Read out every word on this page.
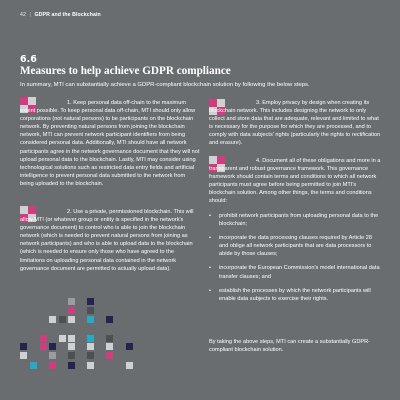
42 | GDPR and the Blockchain
6.6
Measures to help achieve GDPR compliance
In summary, MTI can substantially achieve a GDPR-compliant blockchain solution by following the below steps.

1. Keep personal data off-chain to the maximum extent possible. To keep personal data off-chain, MTI should only allow corporations (not natural persons) to be participants on the blockchain network. By preventing natural persons from joining the blockchain network, MTI can prevent network participant identifiers from being considered personal data. Additionally, MTI should have all network participants agree in the network governance document that they will not upload personal data to the blockchain. Lastly, MTI may consider using technological solutions such as restricted data entry fields and artificial intelligence to prevent personal data submitted to the network from being uploaded to the blockchain.

2. Use a private, permissioned blockchain. This will allow MTI (or whatever group or entity is specified in the network's governance document) to control who is able to join the blockchain network (which is needed to prevent natural persons from joining as network participants) and who is able to upload data to the blockchain (which is needed to ensure only those who have agreed to the limitations on uploading personal data contained in the network governance document are permitted to actually upload data).

3. Employ privacy by design when creating its blockchain network. This includes designing the network to only collect and store data that are adequate, relevant and limited to what is necessary for the purpose for which they are processed, and to comply with data subjects' rights (particularly the rights to rectification and erasure).

4. Document all of these obligations and more in a transparent and robust governance framework. This governance framework should contain terms and conditions to which all network participants must agree before being permitted to join MTI's blockchain solution. Among other things, the terms and conditions should:

• prohibit network participants from uploading personal data to the blockchain;
• incorporate the data processing clauses required by Article 28 and oblige all network participants that are data processors to abide by those clauses;
• incorporate the European Commission's model international data transfer clauses; and
• establish the processes by which the network participants will enable data subjects to exercise their rights.
By taking the above steps, MTI can create a substantially GDPR-compliant blockchain solution.
